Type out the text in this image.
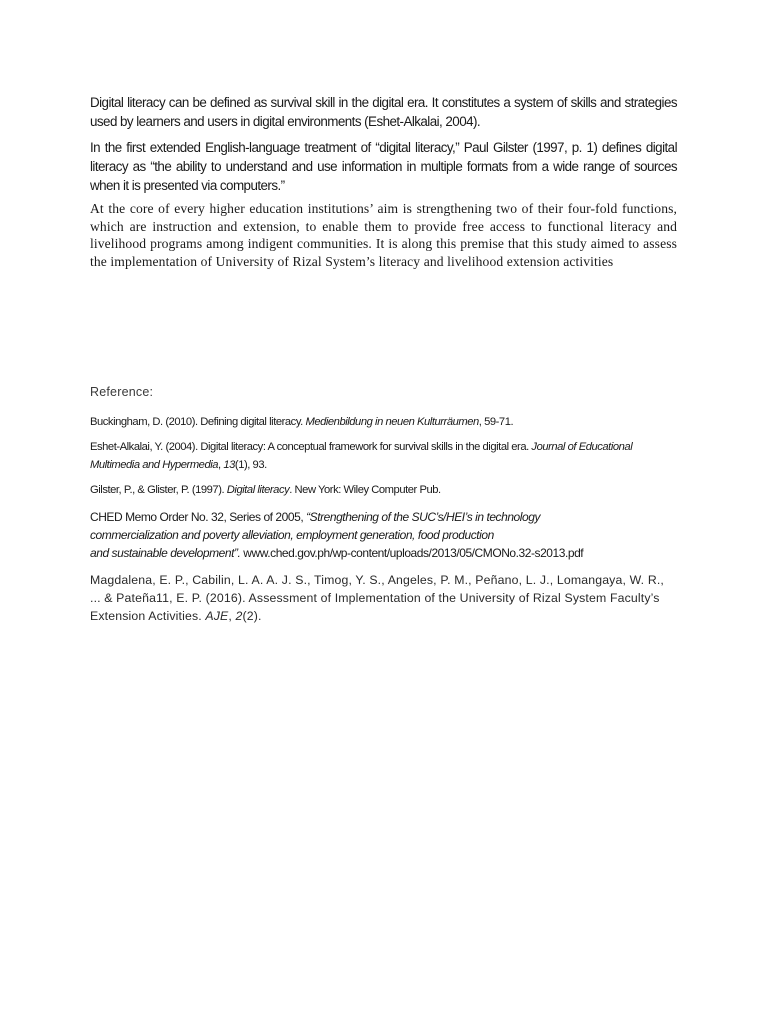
Digital literacy can be defined as survival skill in the digital era. It constitutes a system of skills and strategies used by learners and users in digital environments (Eshet-Alkalai, 2004).

In the first extended English-language treatment of “digital literacy,” Paul Gilster (1997, p. 1) defines digital literacy as “the ability to understand and use information in multiple formats from a wide range of sources when it is presented via computers.”

At the core of every higher education institutions’ aim is strengthening two of their four-fold functions, which are instruction and extension, to enable them to provide free access to functional literacy and livelihood programs among indigent communities. It is along this premise that this study aimed to assess the implementation of University of Rizal System’s literacy and livelihood extension activities

Reference:

Buckingham, D. (2010). Defining digital literacy. Medienbildung in neuen Kulturräumen, 59-71.

Eshet-Alkalai, Y. (2004). Digital literacy: A conceptual framework for survival skills in the digital era. Journal of Educational Multimedia and Hypermedia, 13(1), 93.

Gilster, P., & Glister, P. (1997). Digital literacy. New York: Wiley Computer Pub.

CHED Memo Order No. 32, Series of 2005, “Strengthening of the SUC’s/HEI’s in technology
commercialization and poverty alleviation, employment generation, food production
and sustainable development”. www.ched.gov.ph/wp-content/uploads/2013/05/CMONo.32-s2013.pdf

Magdalena, E. P., Cabilin, L. A. A. J. S., Timog, Y. S., Angeles, P. M., Peñano, L. J., Lomangaya, W. R., ... & Pateña11, E. P. (2016). Assessment of Implementation of the University of Rizal System Faculty’s Extension Activities. AJE, 2(2).
